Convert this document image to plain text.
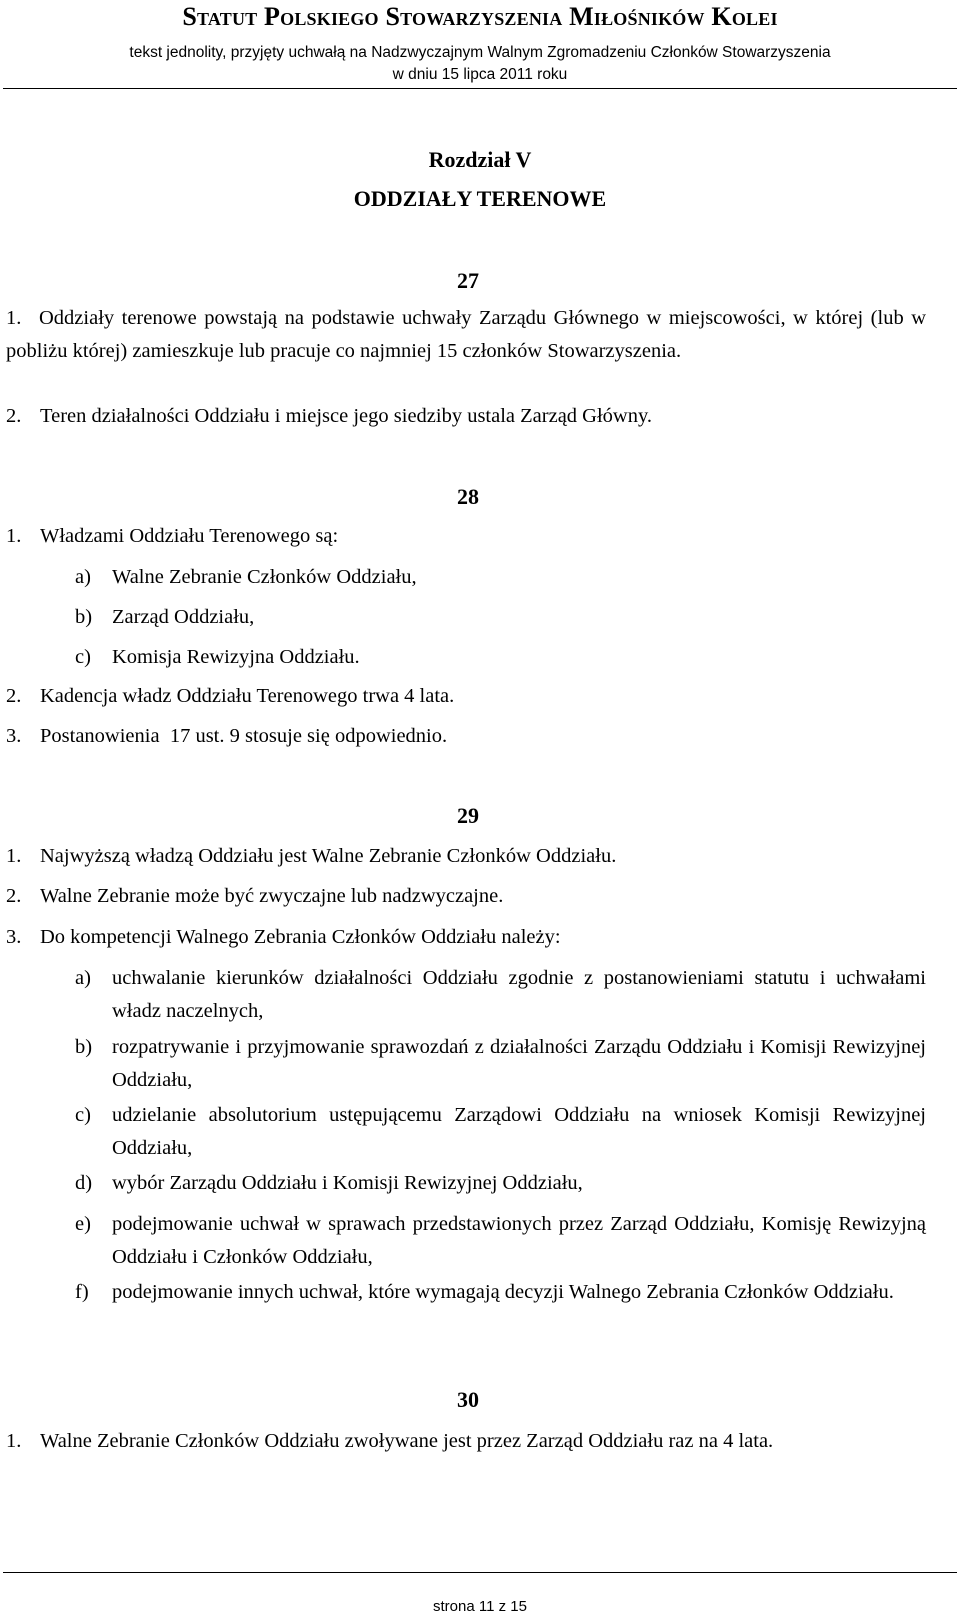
Statut Polskiego Stowarzyszenia Miłośników Kolei
tekst jednolity, przyjęty uchwałą na Nadzwyczajnym Walnym Zgromadzeniu Członków Stowarzyszenia
w dniu 15 lipca 2011 roku
Rozdział V
ODDZIAŁY TERENOWE
27
1. Oddziały terenowe powstają na podstawie uchwały Zarządu Głównego w miejscowości, w której (lub w pobliżu której) zamieszkuje lub pracuje co najmniej 15 członków Stowarzyszenia.
2. Teren działalności Oddziału i miejsce jego siedziby ustala Zarząd Główny.
28
1. Władzami Oddziału Terenowego są:
a) Walne Zebranie Członków Oddziału,
b) Zarząd Oddziału,
c) Komisja Rewizyjna Oddziału.
2. Kadencja władz Oddziału Terenowego trwa 4 lata.
3. Postanowienia  17 ust. 9 stosuje się odpowiednio.
29
1. Najwyższą władzą Oddziału jest Walne Zebranie Członków Oddziału.
2. Walne Zebranie może być zwyczajne lub nadzwyczajne.
3. Do kompetencji Walnego Zebrania Członków Oddziału należy:
a) uchwalanie kierunków działalności Oddziału zgodnie z postanowieniami statutu i uchwałami władz naczelnych,
b) rozpatrywanie i przyjmowanie sprawozdań z działalności Zarządu Oddziału i Komisji Rewizyjnej Oddziału,
c) udzielanie absolutorium ustępującemu Zarządowi Oddziału na wniosek Komisji Rewizyjnej Oddziału,
d) wybór Zarządu Oddziału i Komisji Rewizyjnej Oddziału,
e) podejmowanie uchwał w sprawach przedstawionych przez Zarząd Oddziału, Komisję Rewizyjną Oddziału i Członków Oddziału,
f) podejmowanie innych uchwał, które wymagają decyzji Walnego Zebrania Członków Oddziału.
30
1. Walne Zebranie Członków Oddziału zwoływane jest przez Zarząd Oddziału raz na 4 lata.
strona 11 z 15
